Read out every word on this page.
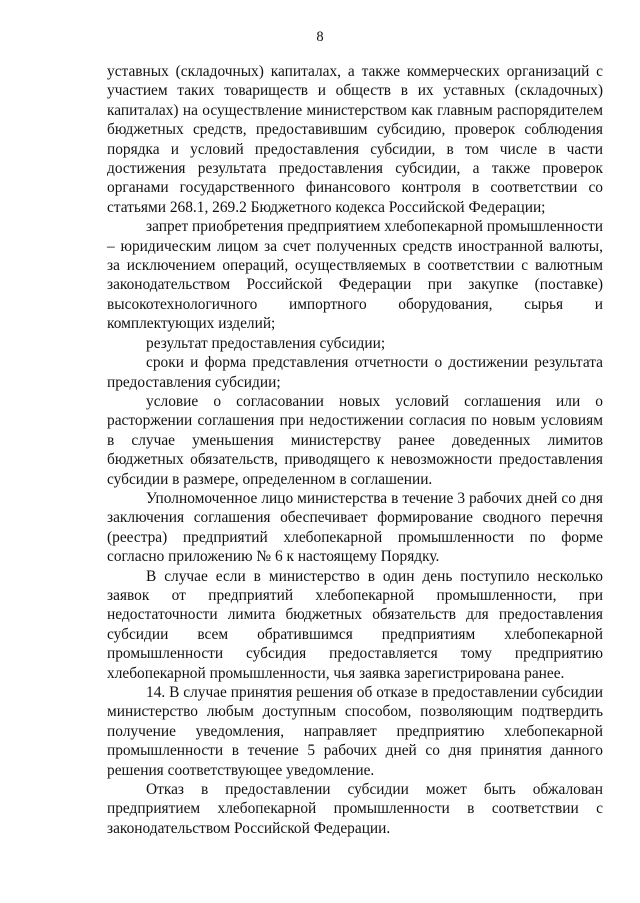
8

уставных (складочных) капиталах, а также коммерческих организаций с участием таких товариществ и обществ в их уставных (складочных) капиталах) на осуществление министерством как главным распорядителем бюджетных средств, предоставившим субсидию, проверок соблюдения порядка и условий предоставления субсидии, в том числе в части достижения результата предоставления субсидии, а также проверок органами государственного финансового контроля в соответствии со статьями 268.1, 269.2 Бюджетного кодекса Российской Федерации;

запрет приобретения предприятием хлебопекарной промышленности – юридическим лицом за счет полученных средств иностранной валюты, за исключением операций, осуществляемых в соответствии с валютным законодательством Российской Федерации при закупке (поставке) высокотехнологичного импортного оборудования, сырья и комплектующих изделий;

результат предоставления субсидии;

сроки и форма представления отчетности о достижении результата предоставления субсидии;

условие о согласовании новых условий соглашения или о расторжении соглашения при недостижении согласия по новым условиям в случае уменьшения министерству ранее доведенных лимитов бюджетных обязательств, приводящего к невозможности предоставления субсидии в размере, определенном в соглашении.

Уполномоченное лицо министерства в течение 3 рабочих дней со дня заключения соглашения обеспечивает формирование сводного перечня (реестра) предприятий хлебопекарной промышленности по форме согласно приложению № 6 к настоящему Порядку.

В случае если в министерство в один день поступило несколько заявок от предприятий хлебопекарной промышленности, при недостаточности лимита бюджетных обязательств для предоставления субсидии всем обратившимся предприятиям хлебопекарной промышленности субсидия предоставляется тому предприятию хлебопекарной промышленности, чья заявка зарегистрирована ранее.

14. В случае принятия решения об отказе в предоставлении субсидии министерство любым доступным способом, позволяющим подтвердить получение уведомления, направляет предприятию хлебопекарной промышленности в течение 5 рабочих дней со дня принятия данного решения соответствующее уведомление.

Отказ в предоставлении субсидии может быть обжалован предприятием хлебопекарной промышленности в соответствии с законодательством Российской Федерации.
